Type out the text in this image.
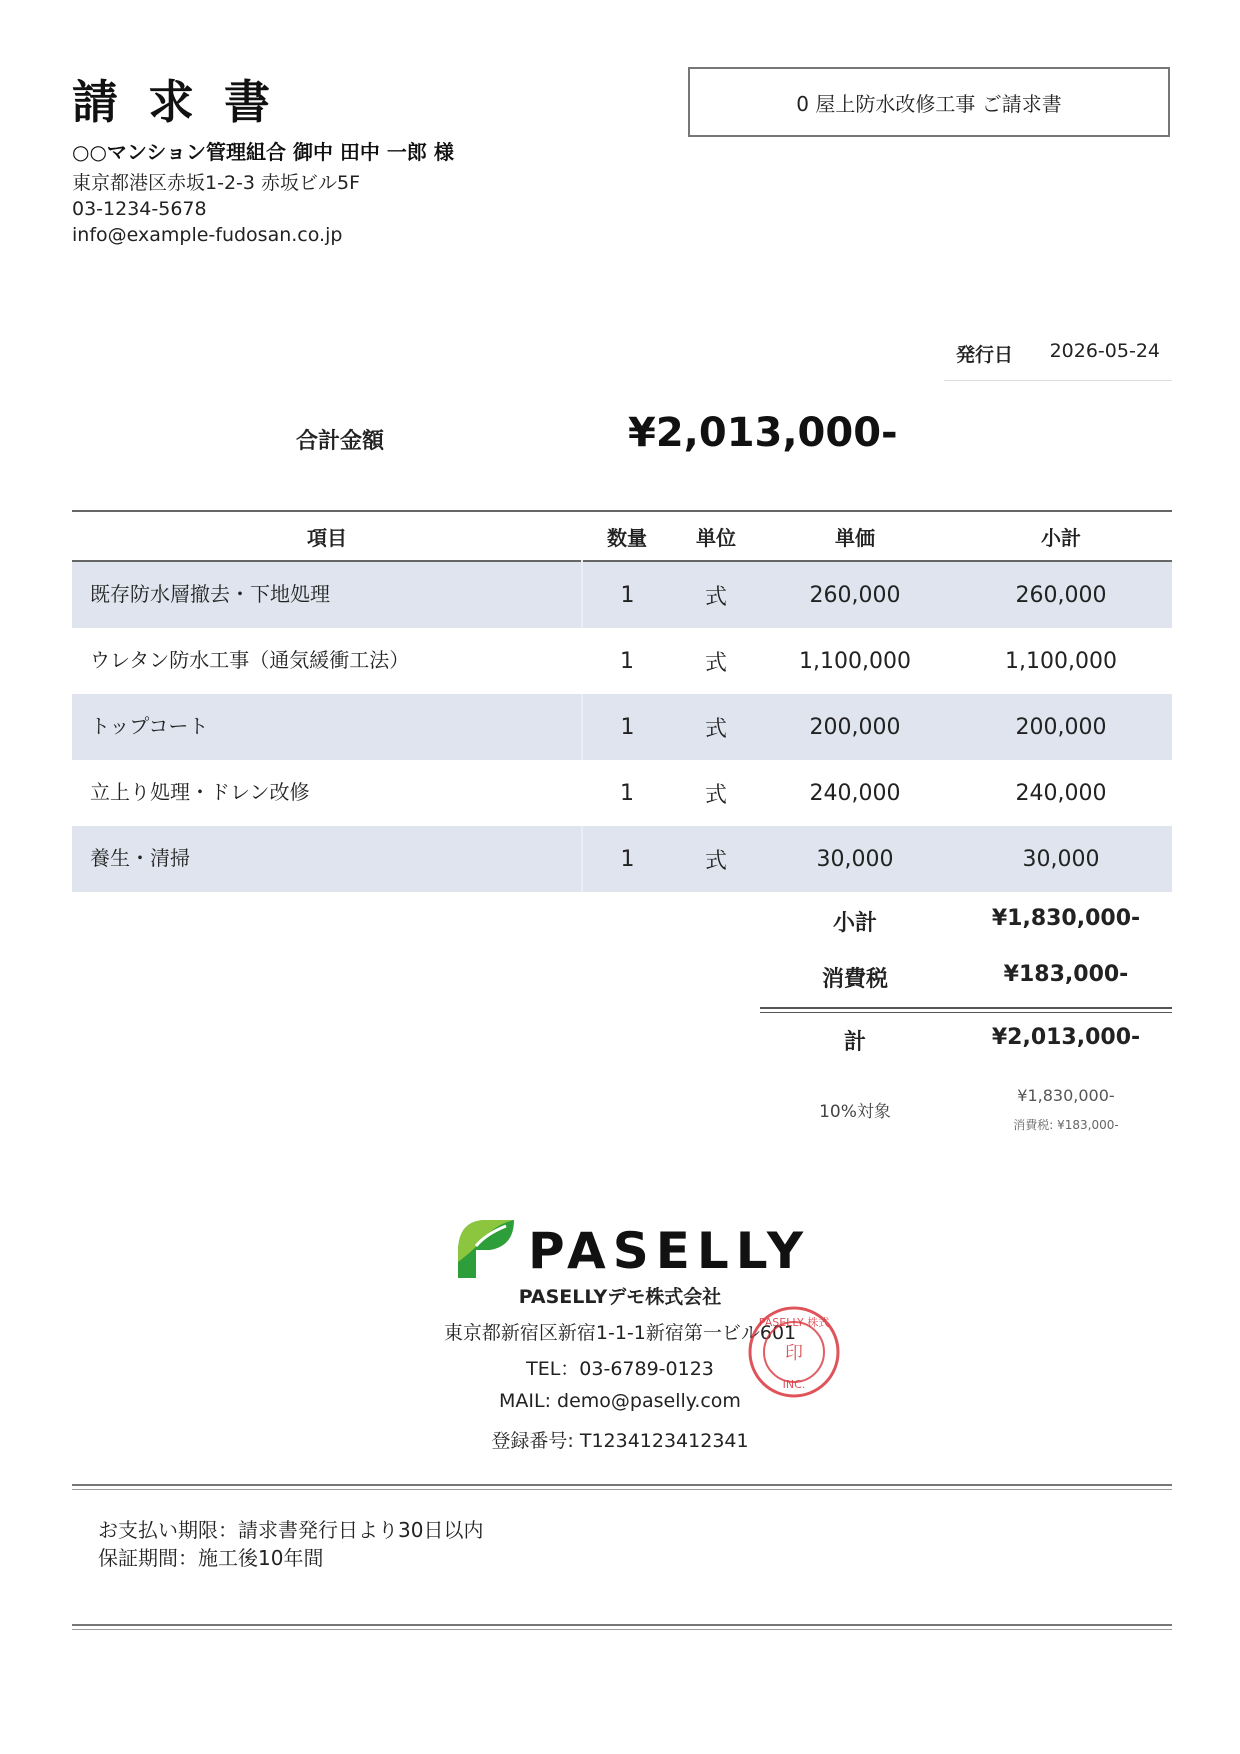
請求書
○○マンション管理組合 御中 田中 一郎 様
東京都港区赤坂1-2-3 赤坂ビル5F
03-1234-5678
info@example-fudosan.co.jp
0 屋上防水改修工事 ご請求書
発行日 2026-05-24
合計金額	¥2,013,000-
項目	数量	単位	単価	小計
既存防水層撤去・下地処理	1	式	260,000	260,000
ウレタン防水工事（通気緩衝工法）	1	式	1,100,000	1,100,000
トップコート	1	式	200,000	200,000
立上り処理・ドレン改修	1	式	240,000	240,000
養生・清掃	1	式	30,000	30,000
小計	¥1,830,000-
消費税	¥183,000-
計	¥2,013,000-
10%対象
¥1,830,000-
消費税: ¥183,000-
PASELLY
PASELLYデモ株式会社
東京都新宿区新宿1-1-1新宿第一ビル601
TEL：03-6789-0123
MAIL: demo@paselly.com
登録番号: T1234123412341
PASELLY 株式
印
INC.
お支払い期限：請求書発行日より30日以内
保証期間：施工後10年間
